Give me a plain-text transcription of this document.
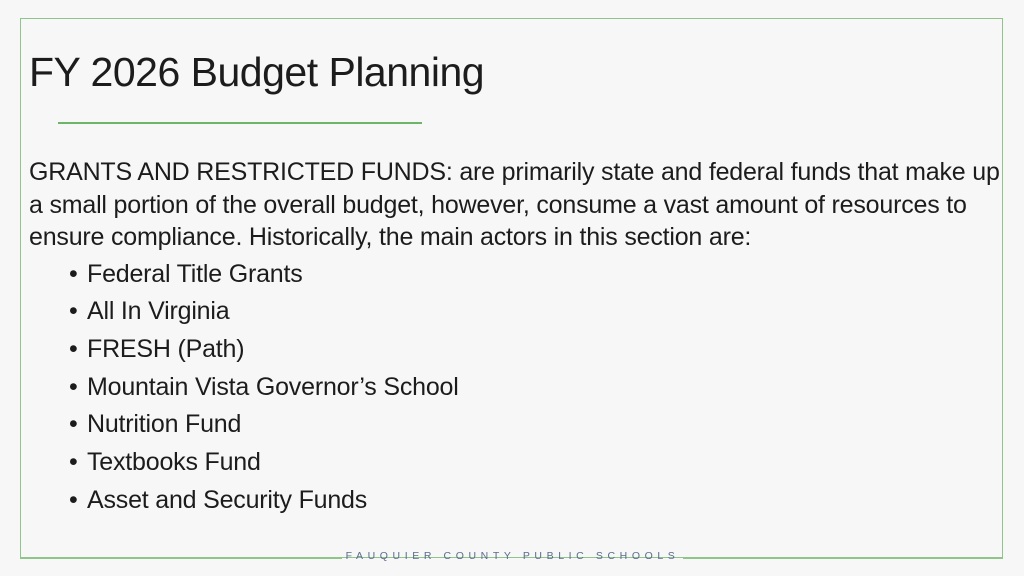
FY 2026 Budget Planning

GRANTS AND RESTRICTED FUNDS: are primarily state and federal funds that make up a small portion of the overall budget, however, consume a vast amount of resources to ensure compliance. Historically, the main actors in this section are:

• Federal Title Grants
• All In Virginia
• FRESH (Path)
• Mountain Vista Governor’s School
• Nutrition Fund
• Textbooks Fund
• Asset and Security Funds
FAUQUIER COUNTY PUBLIC SCHOOLS
